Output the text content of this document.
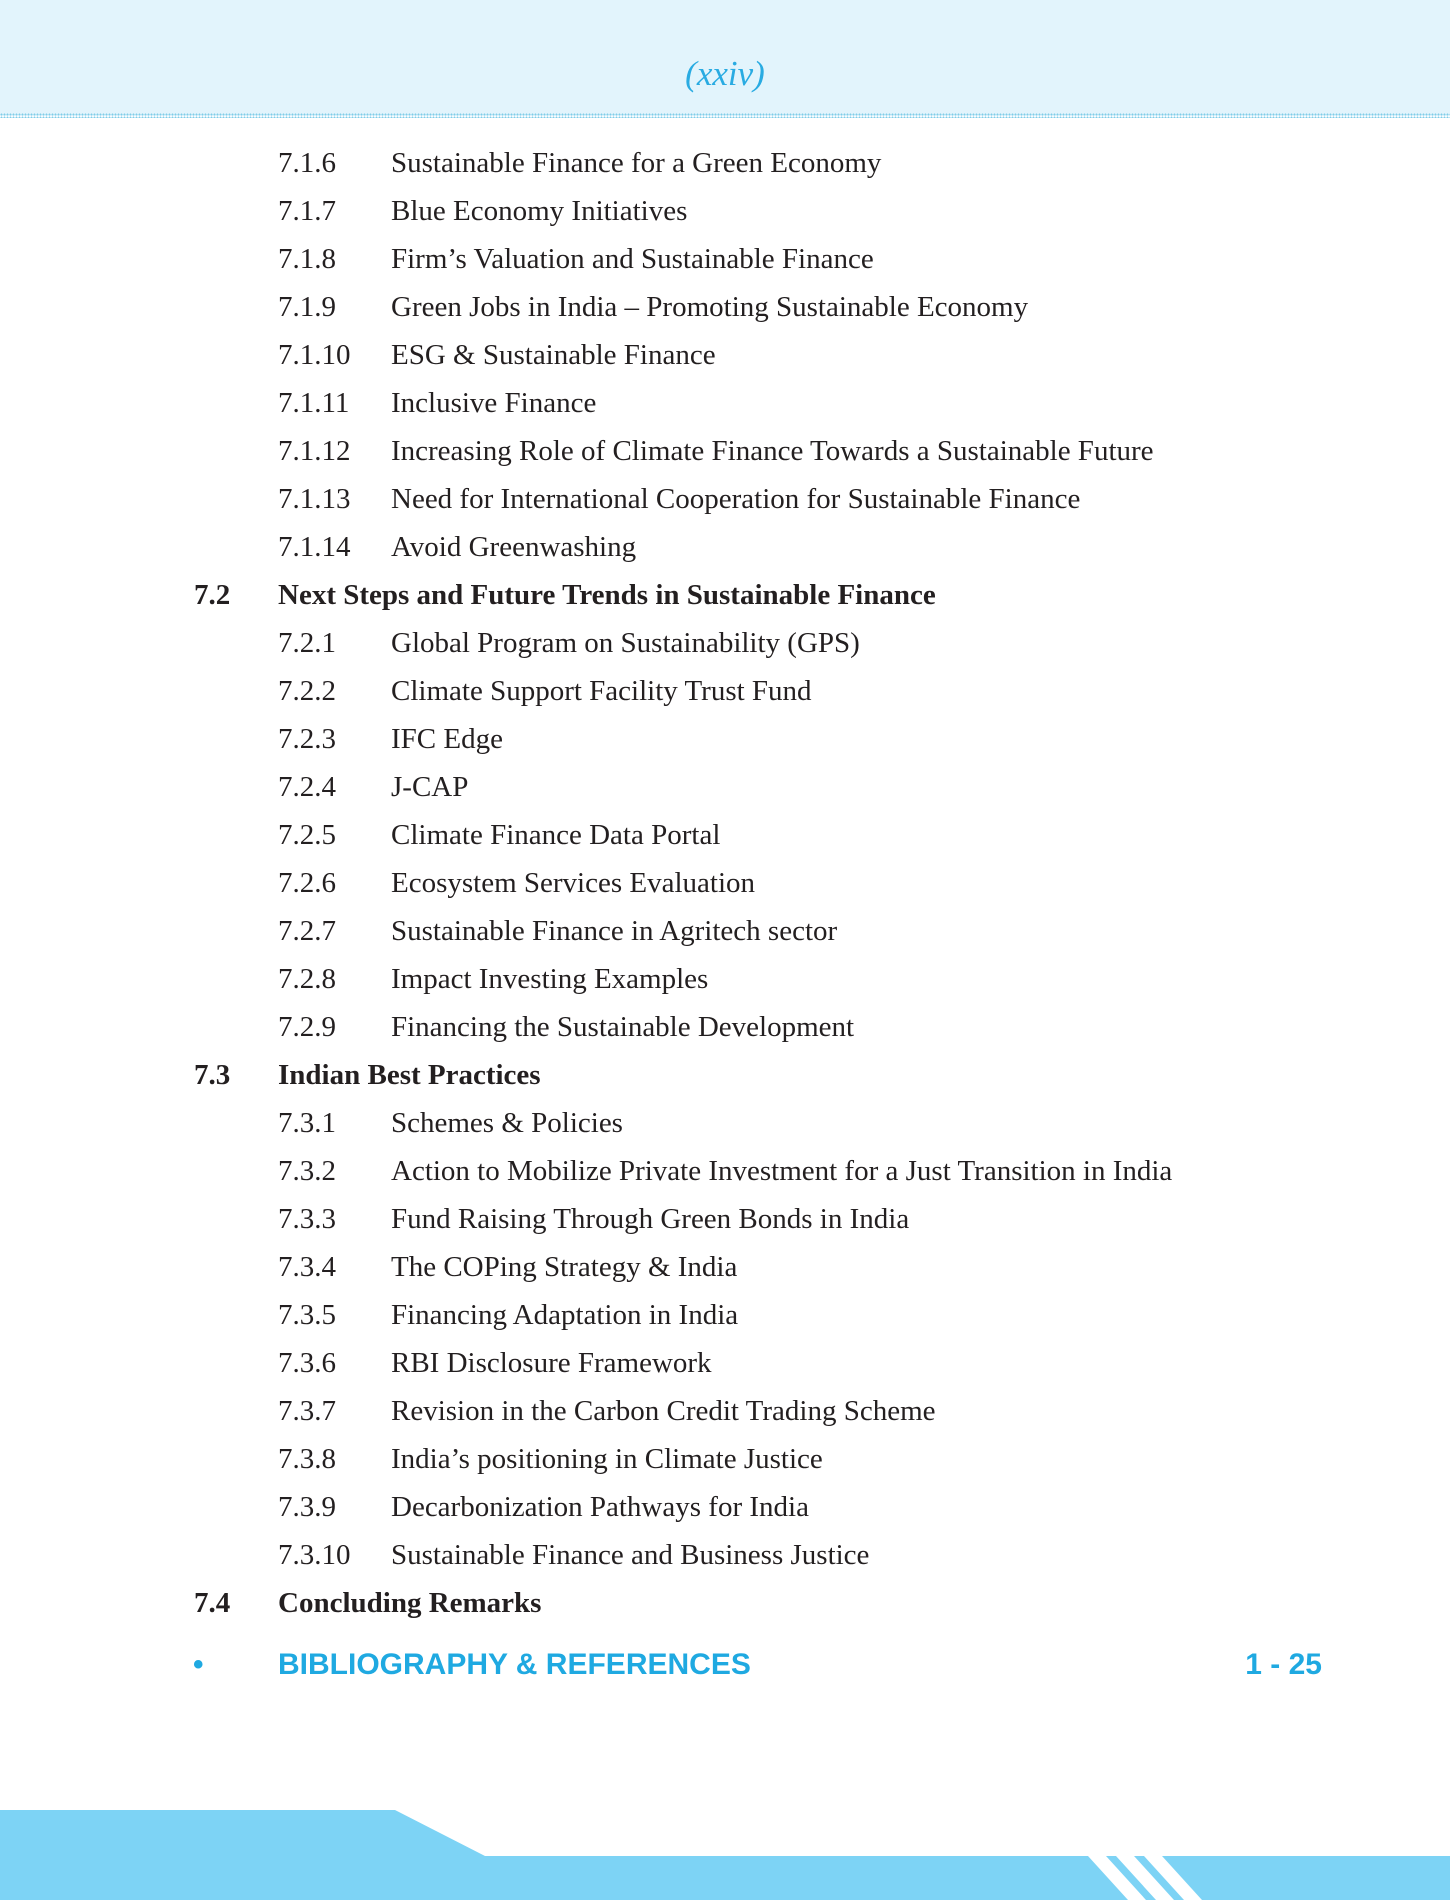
(xxiv)
7.1.6 Sustainable Finance for a Green Economy
7.1.7 Blue Economy Initiatives
7.1.8 Firm’s Valuation and Sustainable Finance
7.1.9 Green Jobs in India – Promoting Sustainable Economy
7.1.10 ESG & Sustainable Finance
7.1.11 Inclusive Finance
7.1.12 Increasing Role of Climate Finance Towards a Sustainable Future
7.1.13 Need for International Cooperation for Sustainable Finance
7.1.14 Avoid Greenwashing
7.2 Next Steps and Future Trends in Sustainable Finance
7.2.1 Global Program on Sustainability (GPS)
7.2.2 Climate Support Facility Trust Fund
7.2.3 IFC Edge
7.2.4 J-CAP
7.2.5 Climate Finance Data Portal
7.2.6 Ecosystem Services Evaluation
7.2.7 Sustainable Finance in Agritech sector
7.2.8 Impact Investing Examples
7.2.9 Financing the Sustainable Development
7.3 Indian Best Practices
7.3.1 Schemes & Policies
7.3.2 Action to Mobilize Private Investment for a Just Transition in India
7.3.3 Fund Raising Through Green Bonds in India
7.3.4 The COPing Strategy & India
7.3.5 Financing Adaptation in India
7.3.6 RBI Disclosure Framework
7.3.7 Revision in the Carbon Credit Trading Scheme
7.3.8 India’s positioning in Climate Justice
7.3.9 Decarbonization Pathways for India
7.3.10 Sustainable Finance and Business Justice
7.4 Concluding Remarks
• BIBLIOGRAPHY & REFERENCES	1 - 25
